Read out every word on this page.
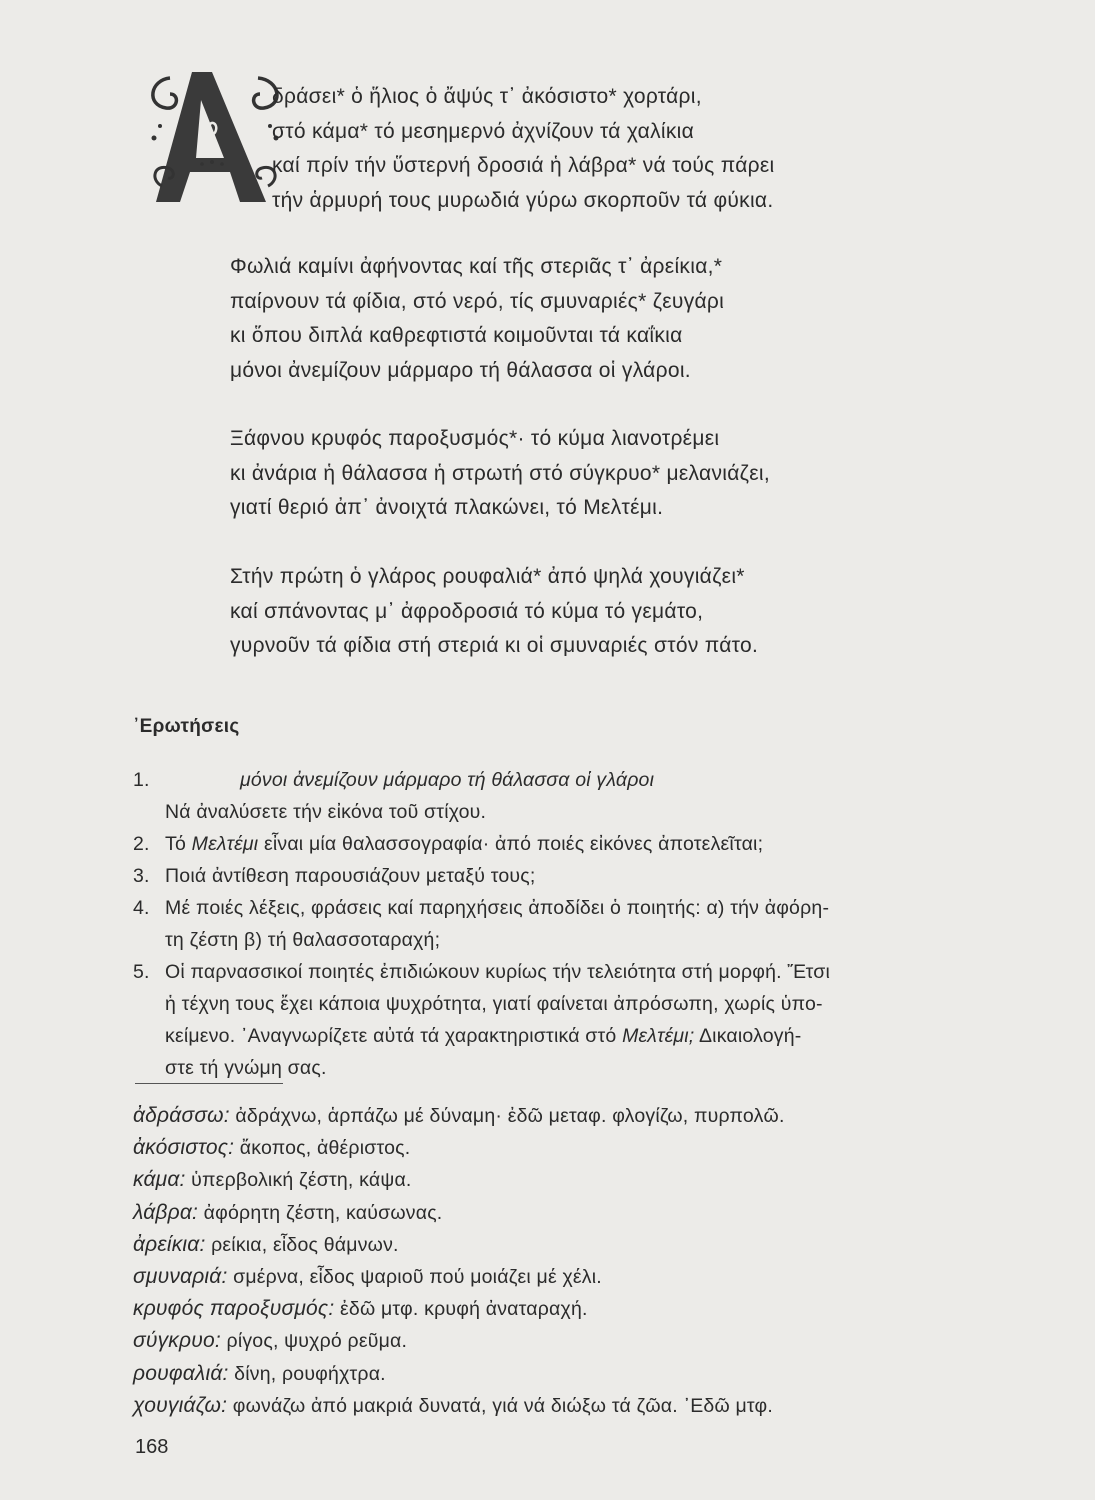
δράσει* ὁ ἥλιος ὁ ἄψύς τ᾿ ἀκόσιστο* χορτάρι,
στό κάμα* τό μεσημερνό ἀχνίζουν τά χαλίκια
καί πρίν τήν ὕστερνή δροσιά ἡ λάβρα* νά τούς πάρει
τήν ἁρμυρή τους μυρωδιά γύρω σκορποῦν τά φύκια.
Φωλιά καμίνι ἀφήνοντας καί τῆς στεριᾶς τ᾿ ἀρείκια,*
παίρνουν τά φίδια, στό νερό, τίς σμυναριές* ζευγάρι
κι ὅπου διπλά καθρεφτιστά κοιμοῦνται τά καΐκια
μόνοι ἀνεμίζουν μάρμαρο τή θάλασσα οἱ γλάροι.
Ξάφνου κρυφός παροξυσμός*· τό κύμα λιανοτρέμει
κι ἀνάρια ἡ θάλασσα ἡ στρωτή στό σύγκρυο* μελανιάζει,
γιατί θεριό ἀπ᾿ ἀνοιχτά πλακώνει, τό Μελτέμι.
Στήν πρώτη ὁ γλάρος ρουφαλιά* ἀπό ψηλά χουγιάζει*
καί σπάνοντας μ᾿ ἀφροδροσιά τό κύμα τό γεμάτο,
γυρνοῦν τά φίδια στή στεριά κι οἱ σμυναριές στόν πάτο.
᾿Ερωτήσεις
1.	μόνοι ἀνεμίζουν μάρμαρο τή θάλασσα οἱ γλάροι
Νά ἀναλύσετε τήν εἰκόνα τοῦ στίχου.
2. Τό Μελτέμι εἶναι μία θαλασσογραφία· ἀπό ποιές εἰκόνες ἀποτελεῖται;
3. Ποιά ἀντίθεση παρουσιάζουν μεταξύ τους;
4. Μέ ποιές λέξεις, φράσεις καί παρηχήσεις ἀποδίδει ὁ ποιητής: α) τήν ἀφόρη-
τη ζέστη β) τή θαλασσοταραχή;
5. Οἱ παρνασσικοί ποιητές ἐπιδιώκουν κυρίως τήν τελειότητα στή μορφή. Ἔτσι
ἡ τέχνη τους ἔχει κάποια ψυχρότητα, γιατί φαίνεται ἀπρόσωπη, χωρίς ὑπο-
κείμενο. ᾿Αναγνωρίζετε αὐτά τά χαρακτηριστικά στό Μελτέμι; Δικαιολογή-
στε τή γνώμη σας.
ἀδράσσω: ἀδράχνω, ἁρπάζω μέ δύναμη· ἐδῶ μεταφ. φλογίζω, πυρπολῶ.
ἀκόσιστος: ἄκοπος, ἀθέριστος.
κάμα: ὑπερβολική ζέστη, κάψα.
λάβρα: ἀφόρητη ζέστη, καύσωνας.
ἀρείκια: ρείκια, εἶδος θάμνων.
σμυναριά: σμέρνα, εἶδος ψαριοῦ πού μοιάζει μέ χέλι.
κρυφός παροξυσμός: ἐδῶ μτφ. κρυφή ἀναταραχή.
σύγκρυο: ρίγος, ψυχρό ρεῦμα.
ρουφαλιά: δίνη, ρουφήχτρα.
χουγιάζω: φωνάζω ἀπό μακριά δυνατά, γιά νά διώξω τά ζῶα. ᾿Εδῶ μτφ.
168
